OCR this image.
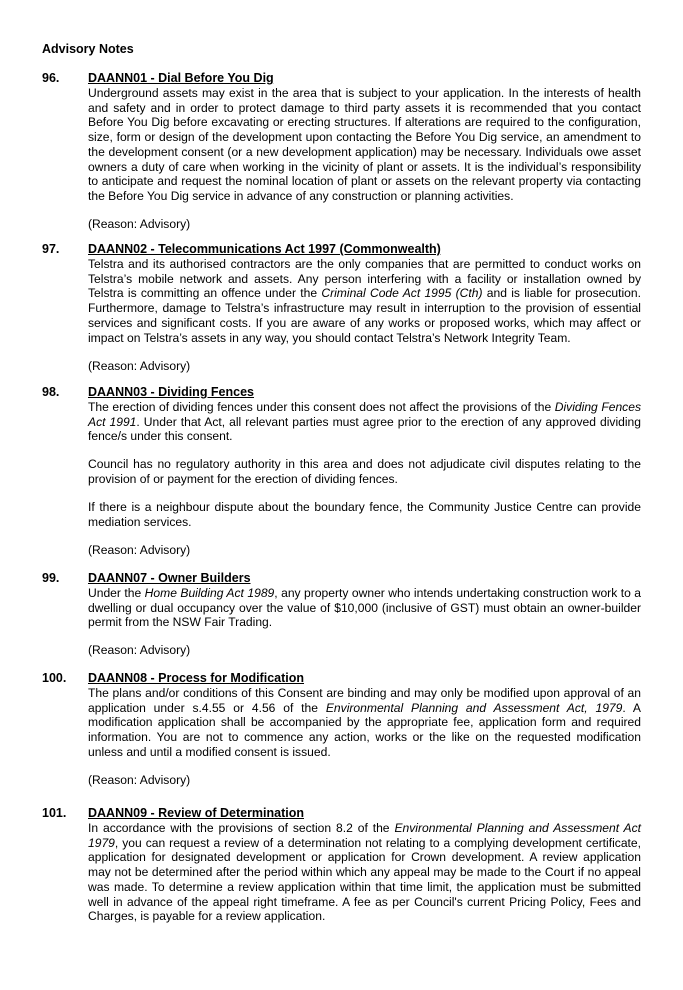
Advisory Notes
96. DAANN01 - Dial Before You Dig
Underground assets may exist in the area that is subject to your application. In the interests of health and safety and in order to protect damage to third party assets it is recommended that you contact Before You Dig before excavating or erecting structures. If alterations are required to the configuration, size, form or design of the development upon contacting the Before You Dig service, an amendment to the development consent (or a new development application) may be necessary. Individuals owe asset owners a duty of care when working in the vicinity of plant or assets. It is the individual’s responsibility to anticipate and request the nominal location of plant or assets on the relevant property via contacting the Before You Dig service in advance of any construction or planning activities.
(Reason: Advisory)
97. DAANN02 - Telecommunications Act 1997 (Commonwealth)
Telstra and its authorised contractors are the only companies that are permitted to conduct works on Telstra’s mobile network and assets. Any person interfering with a facility or installation owned by Telstra is committing an offence under the Criminal Code Act 1995 (Cth) and is liable for prosecution. Furthermore, damage to Telstra’s infrastructure may result in interruption to the provision of essential services and significant costs. If you are aware of any works or proposed works, which may affect or impact on Telstra’s assets in any way, you should contact Telstra’s Network Integrity Team.
(Reason: Advisory)
98. DAANN03 - Dividing Fences
The erection of dividing fences under this consent does not affect the provisions of the Dividing Fences Act 1991. Under that Act, all relevant parties must agree prior to the erection of any approved dividing fence/s under this consent.
Council has no regulatory authority in this area and does not adjudicate civil disputes relating to the provision of or payment for the erection of dividing fences.
If there is a neighbour dispute about the boundary fence, the Community Justice Centre can provide mediation services.
(Reason: Advisory)
99. DAANN07 - Owner Builders
Under the Home Building Act 1989, any property owner who intends undertaking construction work to a dwelling or dual occupancy over the value of $10,000 (inclusive of GST) must obtain an owner-builder permit from the NSW Fair Trading.
(Reason: Advisory)
100. DAANN08 - Process for Modification
The plans and/or conditions of this Consent are binding and may only be modified upon approval of an application under s.4.55 or 4.56 of the Environmental Planning and Assessment Act, 1979. A modification application shall be accompanied by the appropriate fee, application form and required information. You are not to commence any action, works or the like on the requested modification unless and until a modified consent is issued.
(Reason: Advisory)
101. DAANN09 - Review of Determination
In accordance with the provisions of section 8.2 of the Environmental Planning and Assessment Act 1979, you can request a review of a determination not relating to a complying development certificate, application for designated development or application for Crown development. A review application may not be determined after the period within which any appeal may be made to the Court if no appeal was made. To determine a review application within that time limit, the application must be submitted well in advance of the appeal right timeframe. A fee as per Council's current Pricing Policy, Fees and Charges, is payable for a review application.
